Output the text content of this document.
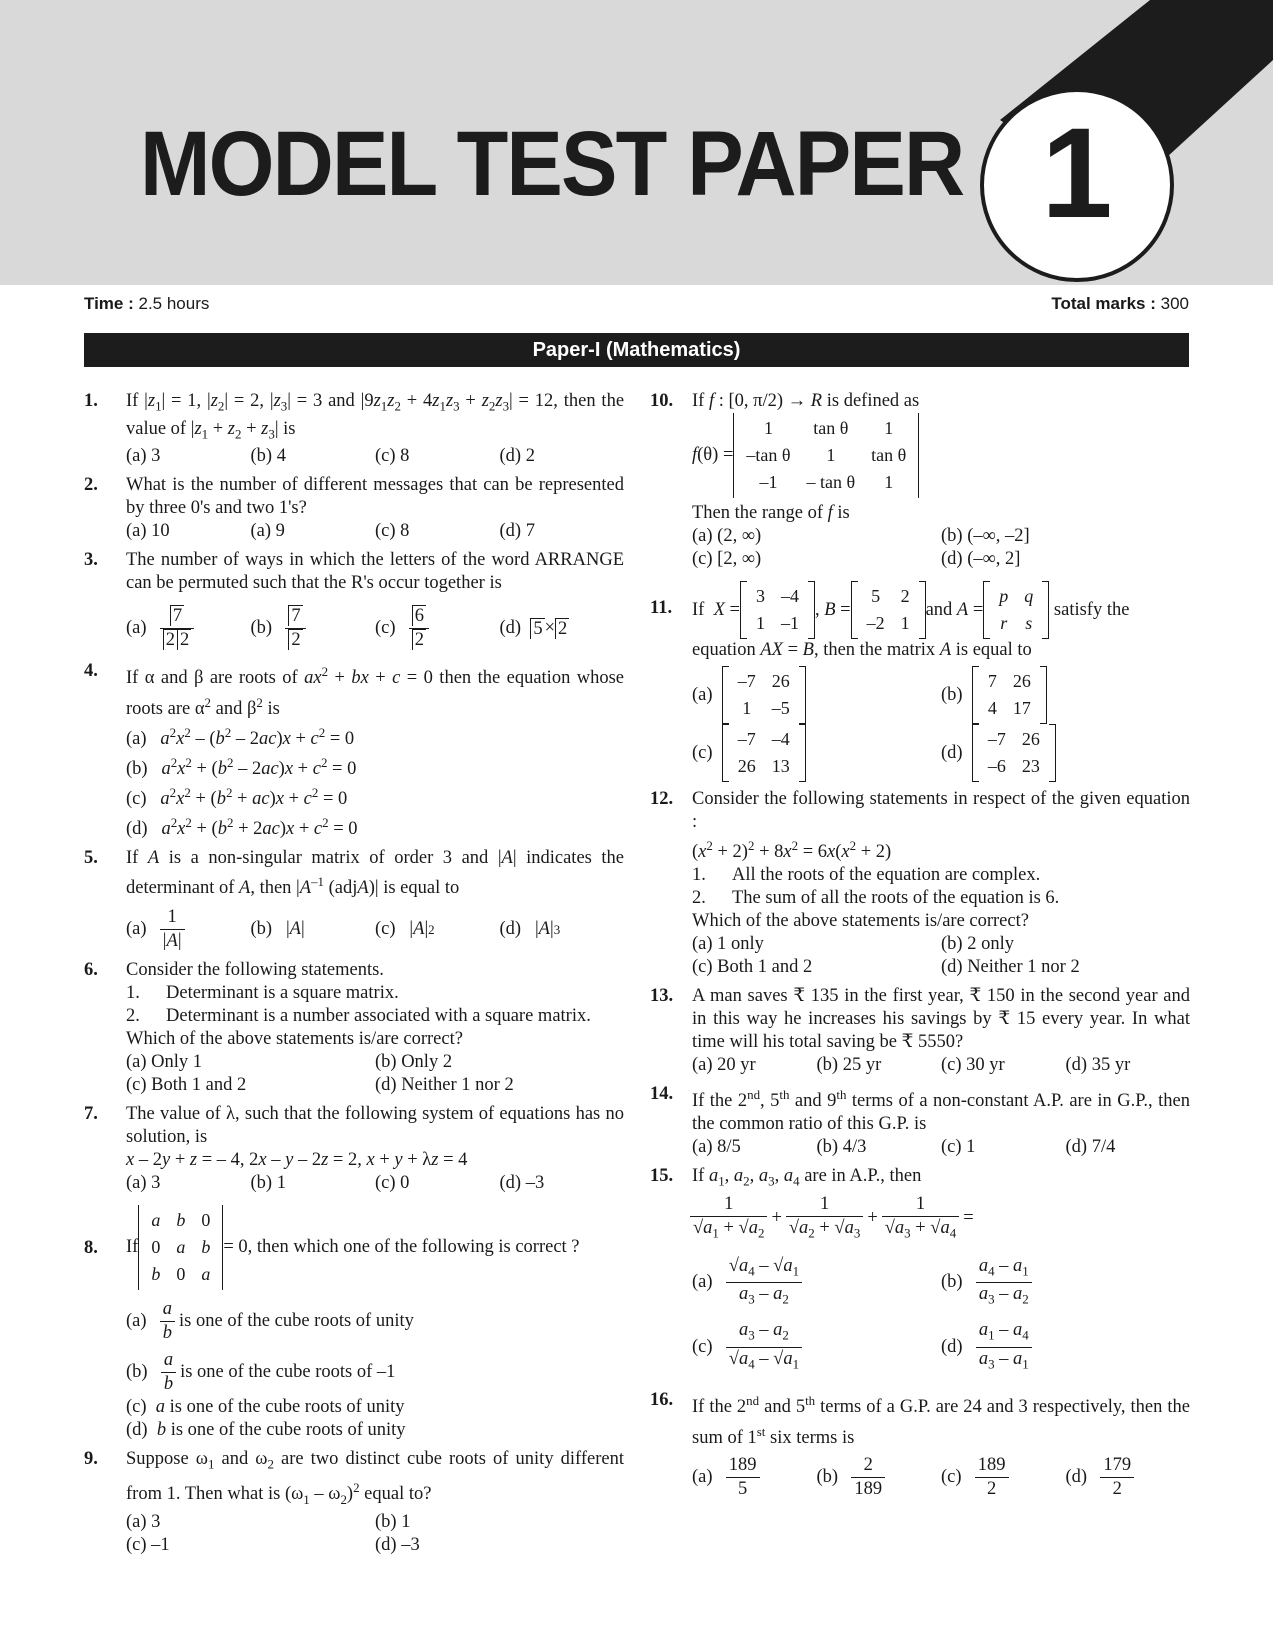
MODEL TEST PAPER 1
Time : 2.5 hours	Total marks : 300
Paper-I (Mathematics)
1. If $|z_1| = 1$, $|z_2| = 2$, $|z_3| = 3$ and $|9z_1z_2 + 4z_1z_3 + z_2z_3| = 12$, then the value of $|z_1 + z_2 + z_3|$ is
(a) 3	(b) 4	(c) 8	(d) 2
2. What is the number of different messages that can be represented by three 0's and two 1's?
(a) 10	(a) 9	(c) 8	(d) 7
3. The number of ways in which the letters of the word ARRANGE can be permuted such that the R's occur together is
(a)
$\frac{7}{2 2}$	(b)
$\frac{7}{2}$	(c)
$\frac{6}{2}$	(d)
5 × 2
4. If α and β are roots of $ax^2$ + bx + c = 0 then the equation whose roots are $\alpha^2$ and $\beta^2$ is
(a) $a^2x^2 - (b^2 - 2ac)x + c^2 = 0$
(b) $a^2x^2 + (b^2 - 2ac)x + c^2 = 0$
(c) $a^2x^2 + (b^2 + ac)x + c^2 = 0$
(d) $a^2x^2 + (b^2 + 2ac)x + c^2 = 0$
5. If A is a non-singular matrix of order 3 and |A| indicates the determinant of A, then $|A^{-1}$ (adjA)| is equal to
(a)
$\frac{1}{|A|}$	(b) | A |	(c) | A | 2	(d) | A | 3
6. Consider the following statements.
1. Determinant is a square matrix.
2. Determinant is a number associated with a square matrix.
Which of the above statements is/are correct?
(a) Only 1	(b) Only 2
(c) Both 1 and 2	(d) Neither 1 nor 2
7. The value of λ, such that the following system of equations has no solution, is
x – 2y + z = – 4, 2x – y – 2z = 2, x + y + λz = 4
(a) 3	(b) 1	(c) 0	(d) –3
8. If
a	b	0
0	a	b
b	0	a
= 0, then which one of the following is correct ?
(a)
$\frac{a}{b}$ is one of the cube roots of unity
(b)
$\frac{a}{b}$ is one of the cube roots of –1
(c) a is one of the cube roots of unity
(d) b is one of the cube roots of unity
9. Suppose $\omega_1$ and $\omega_2$ are two distinct cube roots of unity different from 1. Then what is $(\omega_1 - \omega_2)^2$ equal to?
(a) 3	(b) 1
(c) –1	(d) –3
10. If f : [0, π/2) → R is defined as
f(θ) =
1	tan θ	1
–tan θ	1	tan θ
–1	– tan θ	1
Then the range of f is
(a) (2, ∞)	(b) (–∞, –2]
(c) [2, ∞)	(d) (–∞, 2]
11. If  X =
3	–4
1	–1
, B =
5	2
–2	1
and A =
p	q
r	s
satisfy the
equation AX = B, then the matrix A is equal to
(a)

–7	26
1	–5
(b)

7	26
4	17
(c)

–7	–4
26	13
(d)

–7	26
–6	23
12. Consider the following statements in respect of the given equation :
$(x^2 + 2)^2 + 8x^2 = 6x(x^2 + 2)$
1. All the roots of the equation are complex.
2. The sum of all the roots of the equation is 6.
Which of the above statements is/are correct?
(a) 1 only	(b) 2 only
(c) Both 1 and 2	(d) Neither 1 nor 2
13. A man saves ₹ 135 in the first year, ₹ 150 in the second year and in this way he increases his savings by ₹ 15 every year. In what time will his total saving be ₹ 5550?
(a) 20 yr	(b) 25 yr	(c) 30 yr	(d) 35 yr
14. If the 2nd, 5th and 9th terms of a non-constant A.P. are in G.P., then the common ratio of this G.P. is
(a) 8/5	(b) 4/3	(c) 1	(d) 7/4
15. If $a_1$, $a_2$, $a_3$, $a_4$ are in A.P., then
$\frac{1}{√a_1 + √a_2} + \frac{1}{√a_2 + √a_3} + \frac{1}{√a_3 + √a_4}$ =
(a)
$\frac{√a_4 - √a_1}{a_3 - a_2}$	(b)
$\frac{a_4 - a_1}{a_3 - a_2}$
(c)
$\frac{a_3 - a_2}{√a_4 - √a_1}$	(d)
$\frac{a_1 - a_4}{a_3 - a_1}$
16. If the 2nd and 5th terms of a G.P. are 24 and 3 respectively, then the sum of 1st six terms is
(a)
$\frac{189}{5}$	(b)
$\frac{2}{189}$	(c)
$\frac{189}{2}$	(d)
$\frac{179}{2}$
